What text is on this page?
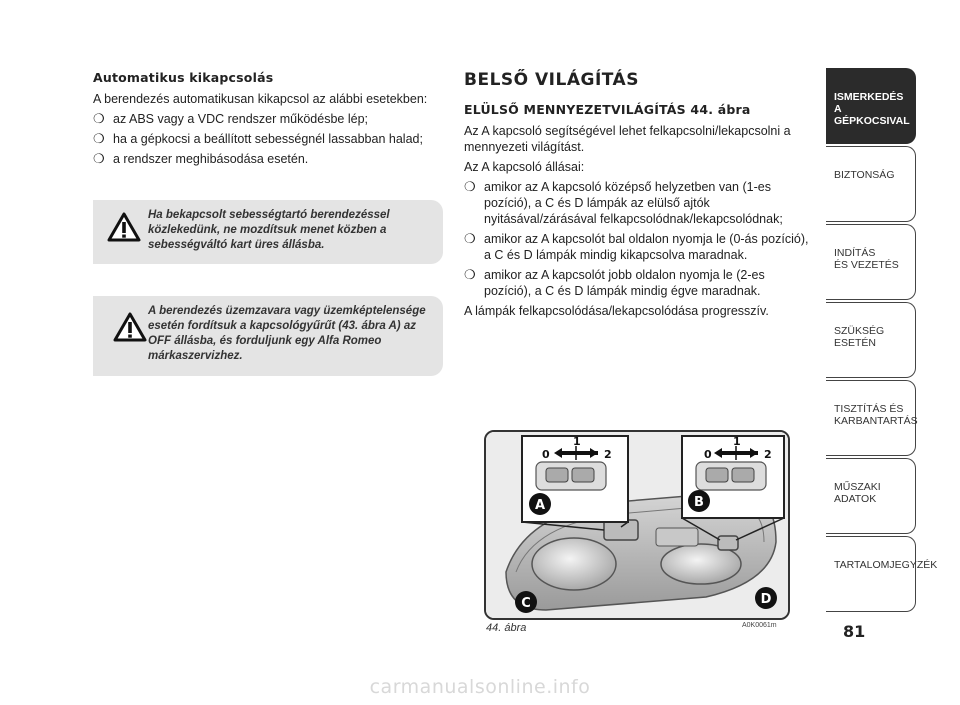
Automatikus kikapcsolás

A berendezés automatikusan kikapcsol az alábbi esetekben:

❍ az ABS vagy a VDC rendszer működésbe lép;
❍ ha a gépkocsi a beállított sebességnél lassabban halad;
❍ a rendszer meghibásodása esetén.
Ha bekapcsolt sebességtartó berendezéssel közlekedünk, ne mozdítsuk menet közben a sebességváltó kart üres állásba.
A berendezés üzemzavara vagy üzemképtelensége esetén fordítsuk a kapcsológyűrűt (43. ábra A) az OFF állásba, és forduljunk egy Alfa Romeo márkaszervizhez.
BELSŐ VILÁGÍTÁS
ELÜLSŐ MENNYEZETVILÁGÍTÁS 44. ábra

Az A kapcsoló segítségével lehet felkapcsolni/lekapcsolni a mennyezeti világítást.

Az A kapcsoló állásai:

❍ amikor az A kapcsoló középső helyzetben van (1-es pozíció), a C és D lámpák az elülső ajtók nyitásával/zárásával felkapcsolódnak/lekapcsolódnak;
❍ amikor az A kapcsolót bal oldalon nyomja le (0-ás pozíció), a C és D lámpák mindig kikapcsolva maradnak.
❍ amikor az A kapcsolót jobb oldalon nyomja le (2-es pozíció), a C és D lámpák mindig égve maradnak.

A lámpák felkapcsolódása/lekapcsolódása progresszív.

0
1
2	0
1
2
A	B
C	D
44. ábra	A0K0061m
ISMERKEDÉS
A GÉPKOCSIVAL
BIZTONSÁG
INDÍTÁS
ÉS VEZETÉS
SZÜKSÉG
ESETÉN
TISZTÍTÁS ÉS
KARBANTARTÁS
MŰSZAKI
ADATOK
TARTALOMJEGYZÉK
81
carmanualsonline.info
